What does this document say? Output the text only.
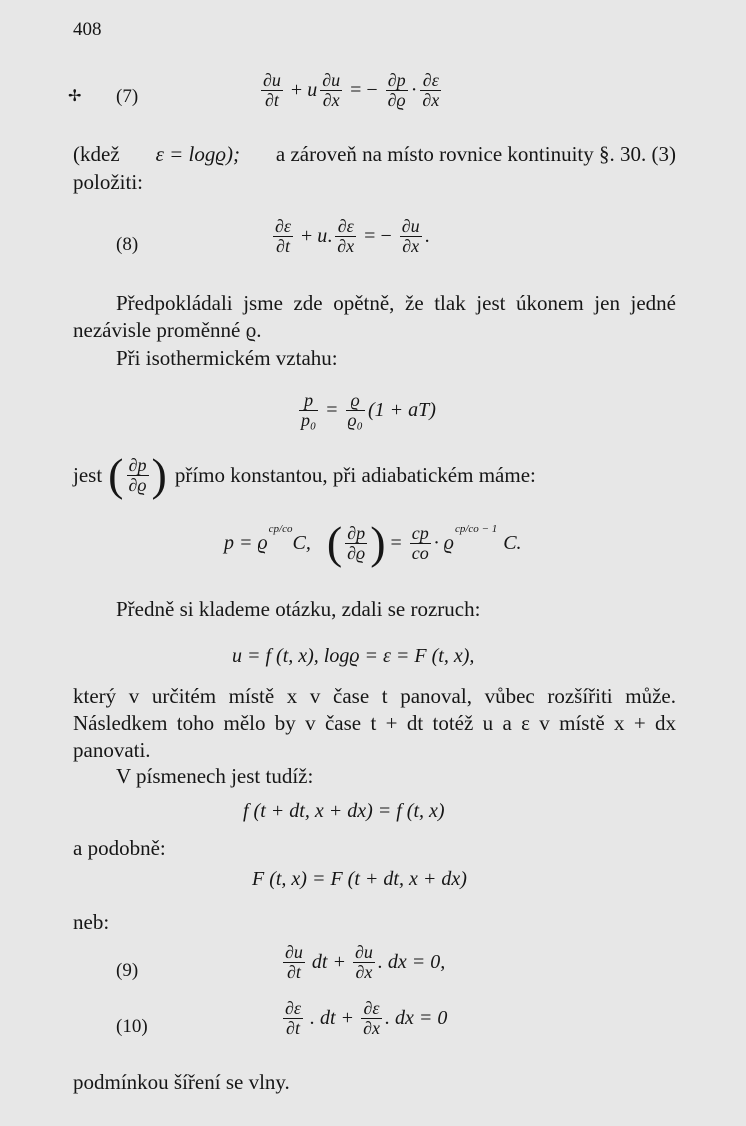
408
✢ (7)	$\frac{\partial u}{\partial t} + u \frac{\partial u}{\partial x}$ = − $\frac{\partial p}{\partial ϱ} \cdot \frac{\partial\varepsilon}{\partial x}$
(kdež ε = logϱ); a zároveň na místo rovnice kontinuity §. 30. (3)
položiti:
(8)	$\frac{\partial\varepsilon}{\partial t} + u$ . $\frac{\partial\varepsilon}{\partial x}$ = − $\frac{\partial u}{\partial x}$ .
Předpokládali jsme zde opětně, že tlak jest úkonem jen jedné
nezávisle proměnné ϱ.
Při isothermickém vztahu:
$\frac{p}{\text{p₀}} = \frac{ϱ}{\text{ϱ₀}} (1 + aT)$
jest ( $\frac{\partial p}{\partial ϱ}$ ) přímo konstantou, při adiabatickém máme:
p = ϱ
cp/co
C, ( $\frac{\partial p}{\partial ϱ}$ ) = $\frac{cp}{co} \cdot ϱ$
cp/co − 1
C.
Předně si klademe otázku, zdali se rozruch:
u = f (t, x), logϱ = ε = F (t, x),
který v určitém místě x v čase t panoval, vůbec rozšířiti může.
Následkem toho mělo by v čase t + dt totéž u a ε v místě x + dx
panovati.
V písmenech jest tudíž:
f (t + dt, x + dx) = f (t, x)
a podobně:
F (t, x) = F (t + dt, x + dx)
neb:
(9)	$\frac{\partial u}{\partial t}$ dt + $\frac{\partial u}{\partial x}$ . dx = 0,
(10)	$\frac{\partial\varepsilon}{\partial t}$ . dt + $\frac{\partial\varepsilon}{\partial x}$ . dx = 0
podmínkou šíření se vlny.
